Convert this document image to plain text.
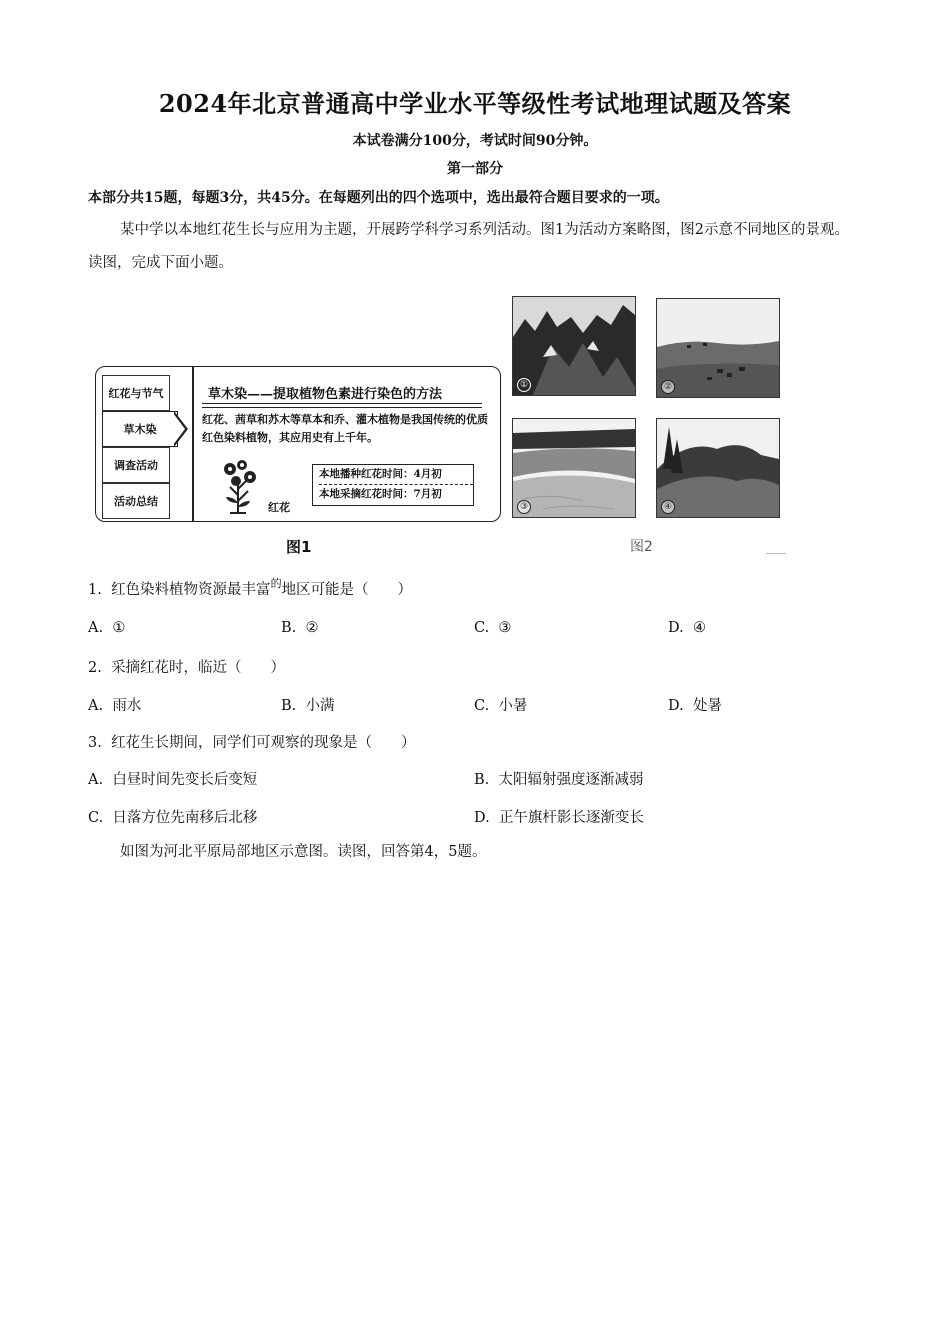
2024年北京普通高中学业水平等级性考试地理试题及答案
本试卷满分100分，考试时间90分钟。
第一部分
本部分共15题，每题3分，共45分。在每题列出的四个选项中，选出最符合题目要求的一项。
某中学以本地红花生长与应用为主题，开展跨学科学习系列活动。图1为活动方案略图，图2示意不同地区的景观。读图，完成下面小题。
红花与节气
草木染
调查活动
活动总结
草木染——提取植物色素进行染色的方法
红花、茜草和苏木等草本和乔、灌木植物是我国传统的优质红色染料植物，其应用史有上千年。
红花
本地播种红花时间：4月初
本地采摘红花时间：7月初
图1
①	②
③	④
图2
1. 红色染料植物资源最丰富$^的$地区可能是（　　）
A. ①	B. ②	C. ③	D. ④
2. 采摘红花时，临近（　　）
A. 雨水	B. 小满	C. 小暑	D. 处暑
3. 红花生长期间，同学们可观察的现象是（　　）
A. 白昼时间先变长后变短	B. 太阳辐射强度逐渐减弱
C. 日落方位先南移后北移	D. 正午旗杆影长逐渐变长
如图为河北平原局部地区示意图。读图，回答第4，5题。
